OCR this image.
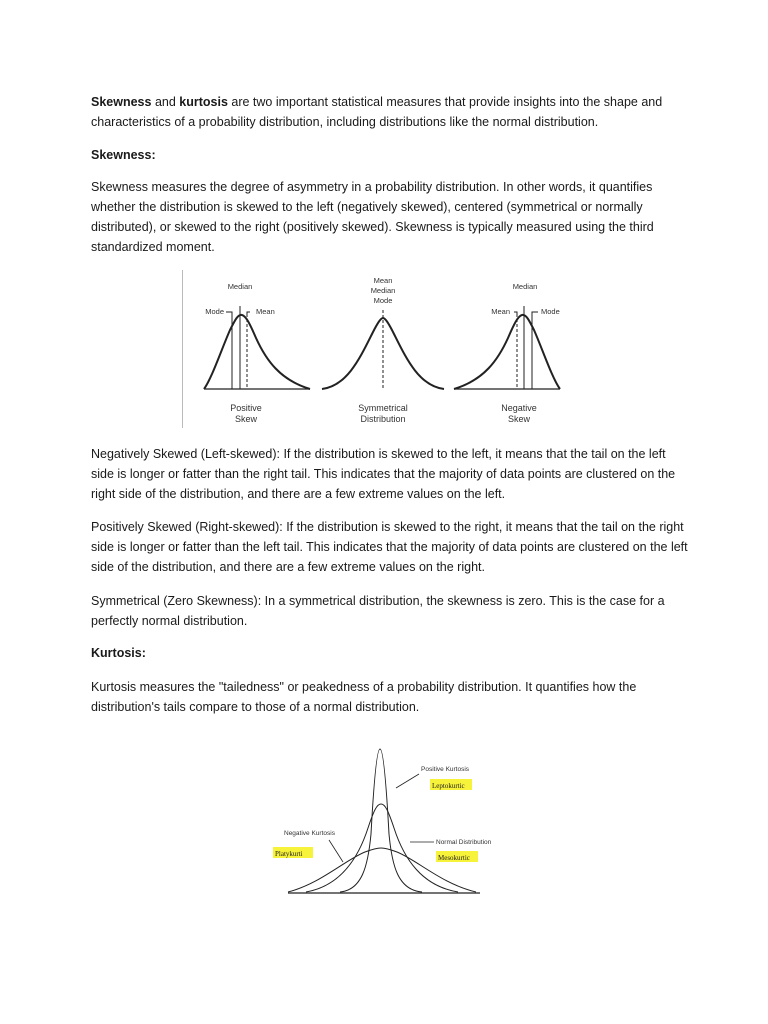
Skewness and kurtosis are two important statistical measures that provide insights into the shape and characteristics of a probability distribution, including distributions like the normal distribution.

Skewness:

Skewness measures the degree of asymmetry in a probability distribution. In other words, it quantifies whether the distribution is skewed to the left (negatively skewed), centered (symmetrical or normally distributed), or skewed to the right (positively skewed). Skewness is typically measured using the third standardized moment.

Median
Mode	Mean
Positive
Skew
Mean
Median
Mode
Symmetrical
Distribution
Median
Mean	Mode
Negative
Skew

Negatively Skewed (Left-skewed): If the distribution is skewed to the left, it means that the tail on the left side is longer or fatter than the right tail. This indicates that the majority of data points are clustered on the right side of the distribution, and there are a few extreme values on the left.

Positively Skewed (Right-skewed): If the distribution is skewed to the right, it means that the tail on the right side is longer or fatter than the left tail. This indicates that the majority of data points are clustered on the left side of the distribution, and there are a few extreme values on the right.

Symmetrical (Zero Skewness): In a symmetrical distribution, the skewness is zero. This is the case for a perfectly normal distribution.

Kurtosis:

Kurtosis measures the "tailedness" or peakedness of a probability distribution. It quantifies how the distribution's tails compare to those of a normal distribution.

Positive Kurtosis
Leptokurtic
Negative Kurtosis
Platykurti
Normal Distribution
Mesokurtic
